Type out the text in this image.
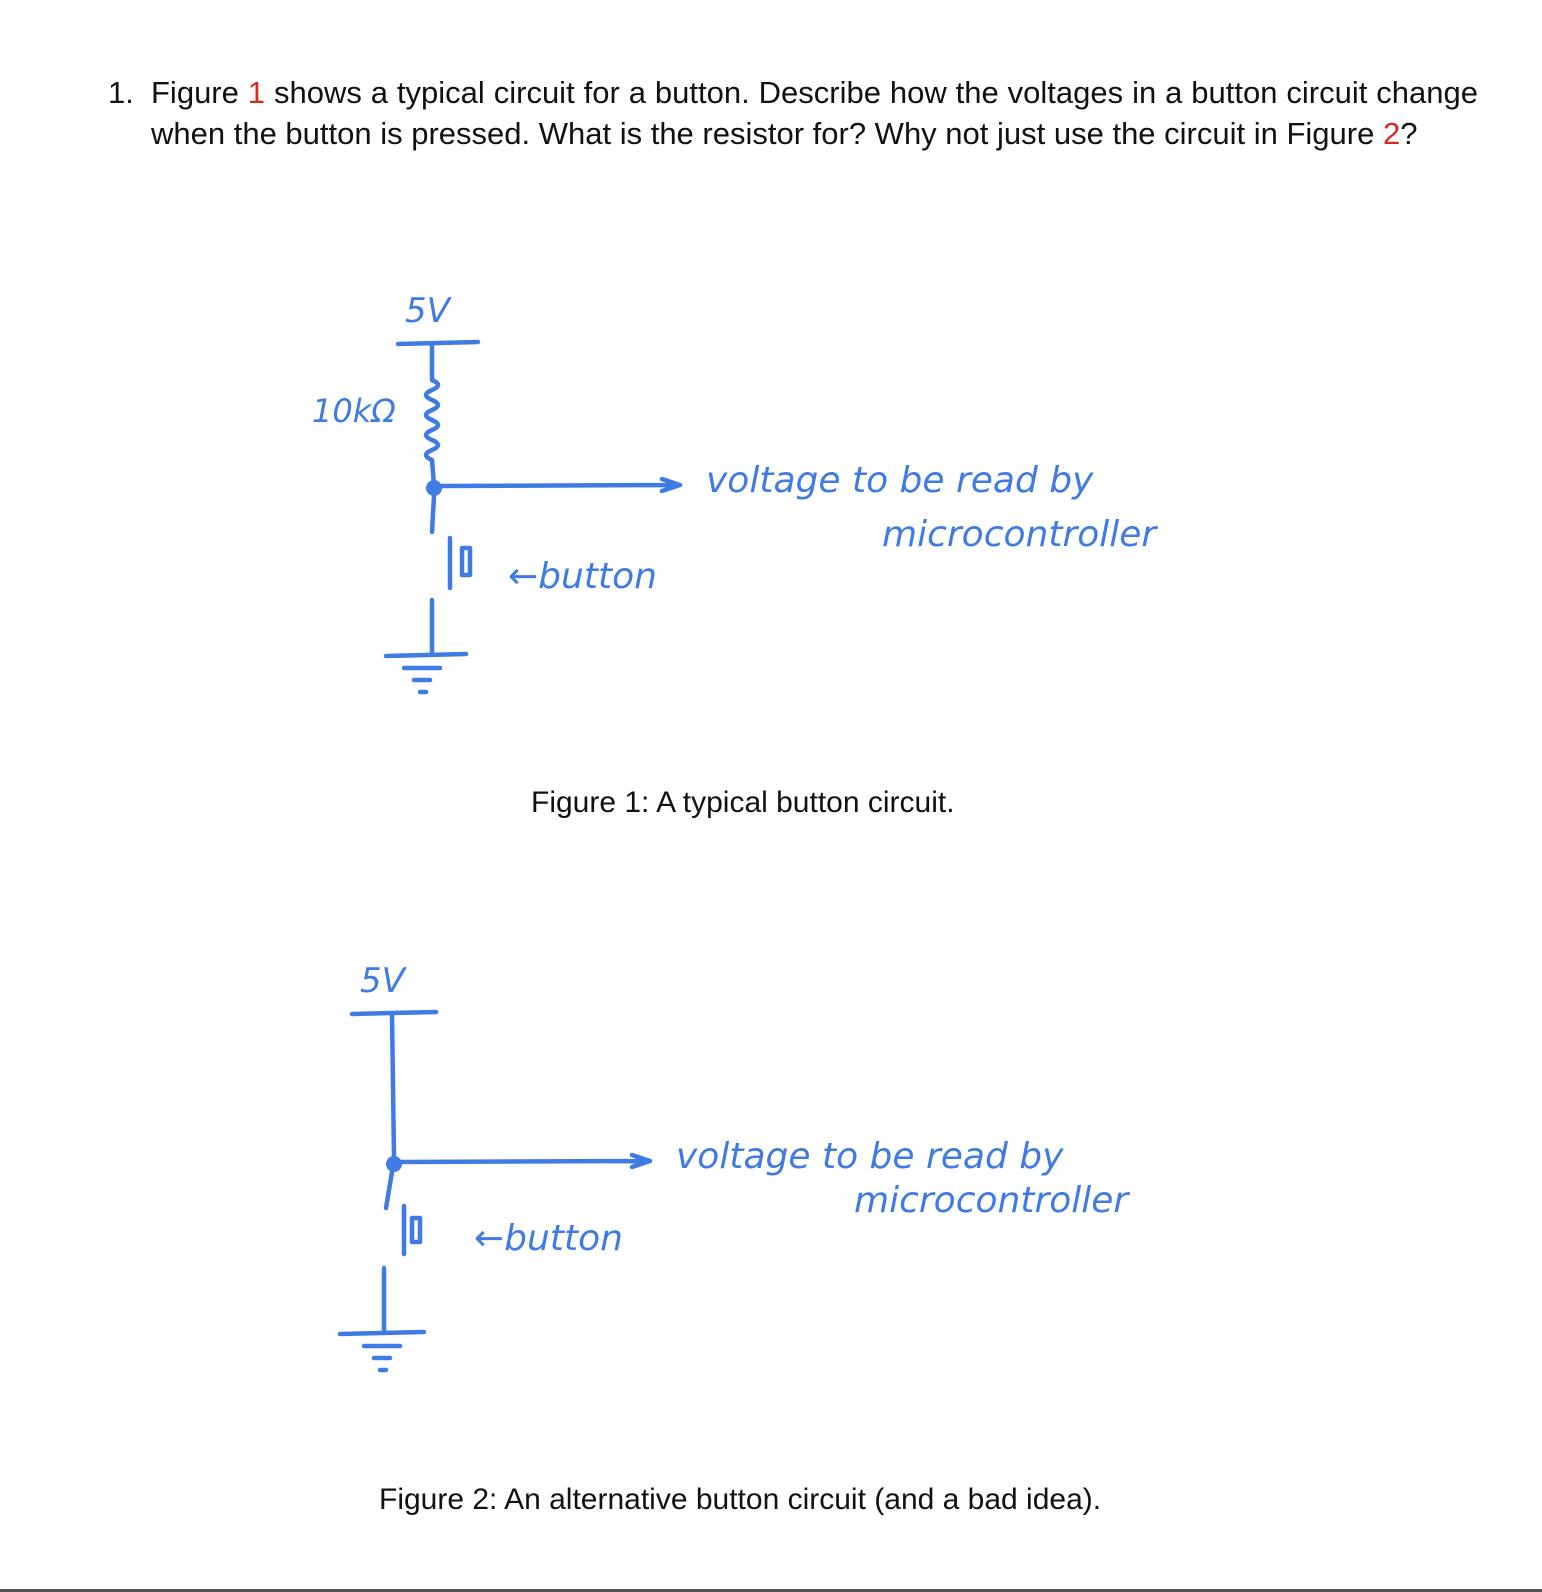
1. Figure 1 shows a typical circuit for a button. Describe how the voltages in a button circuit change when the button is pressed. What is the resistor for? Why not just use the circuit in Figure 2?
5V
10kΩ
voltage to be read by
microcontroller
←button
Figure 1: A typical button circuit.
5V
voltage to be read by
microcontroller
←button
Figure 2: An alternative button circuit (and a bad idea).
